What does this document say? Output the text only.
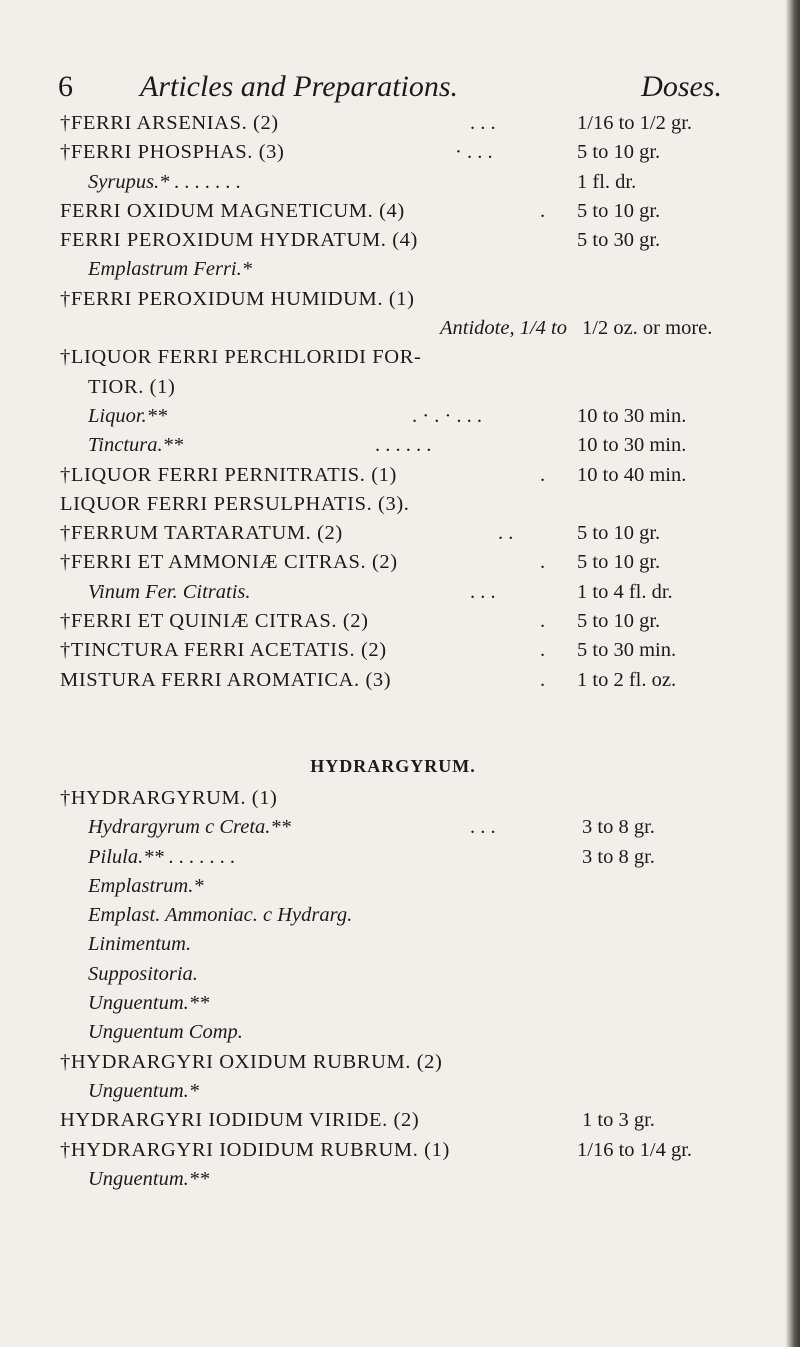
6 Articles and Preparations.	Doses.
†FERRI ARSENIAS. (2)	. . .	1/16 to 1/2 gr.
†FERRI PHOSPHAS. (3)	· . . .	5 to 10 gr.
Syrupus.* . . . . . . .	1 fl. dr.
FERRI OXIDUM MAGNETICUM. (4)	. 5 to 10 gr.
FERRI PEROXIDUM HYDRATUM. (4)	5 to 30 gr.
Emplastrum Ferri.*
†FERRI PEROXIDUM HUMIDUM. (1)
Antidote, 1/4 to 1/2 oz. or more.
†LIQUOR FERRI PERCHLORIDI FOR-
TIOR. (1)
Liquor.**	. · . · . . .	10 to 30 min.
Tinctura.**	. . . . . .	10 to 30 min.
†LIQUOR FERRI PERNITRATIS. (1)	. 10 to 40 min.
LIQUOR FERRI PERSULPHATIS. (3).
†FERRUM TARTARATUM. (2)	. .	5 to 10 gr.
†FERRI ET AMMONIÆ CITRAS. (2)	. 5 to 10 gr.
Vinum Fer. Citratis.	. . .	1 to 4 fl. dr.
†FERRI ET QUINIÆ CITRAS. (2)	. 5 to 10 gr.
†TINCTURA FERRI ACETATIS. (2)	. 5 to 30 min.
MISTURA FERRI AROMATICA. (3)	. 1 to 2 fl. oz.
HYDRARGYRUM.
†HYDRARGYRUM. (1)
Hydrargyrum c Creta.**	. . .	3 to 8 gr.
Pilula.** . . . . . . .	3 to 8 gr.
Emplastrum.*
Emplast. Ammoniac. c Hydrarg.
Linimentum.
Suppositoria.
Unguentum.**
Unguentum Comp.
†HYDRARGYRI OXIDUM RUBRUM. (2)
Unguentum.*
HYDRARGYRI IODIDUM VIRIDE. (2)	1 to 3 gr.
†HYDRARGYRI IODIDUM RUBRUM. (1)	1/16 to 1/4 gr.
Unguentum.**
